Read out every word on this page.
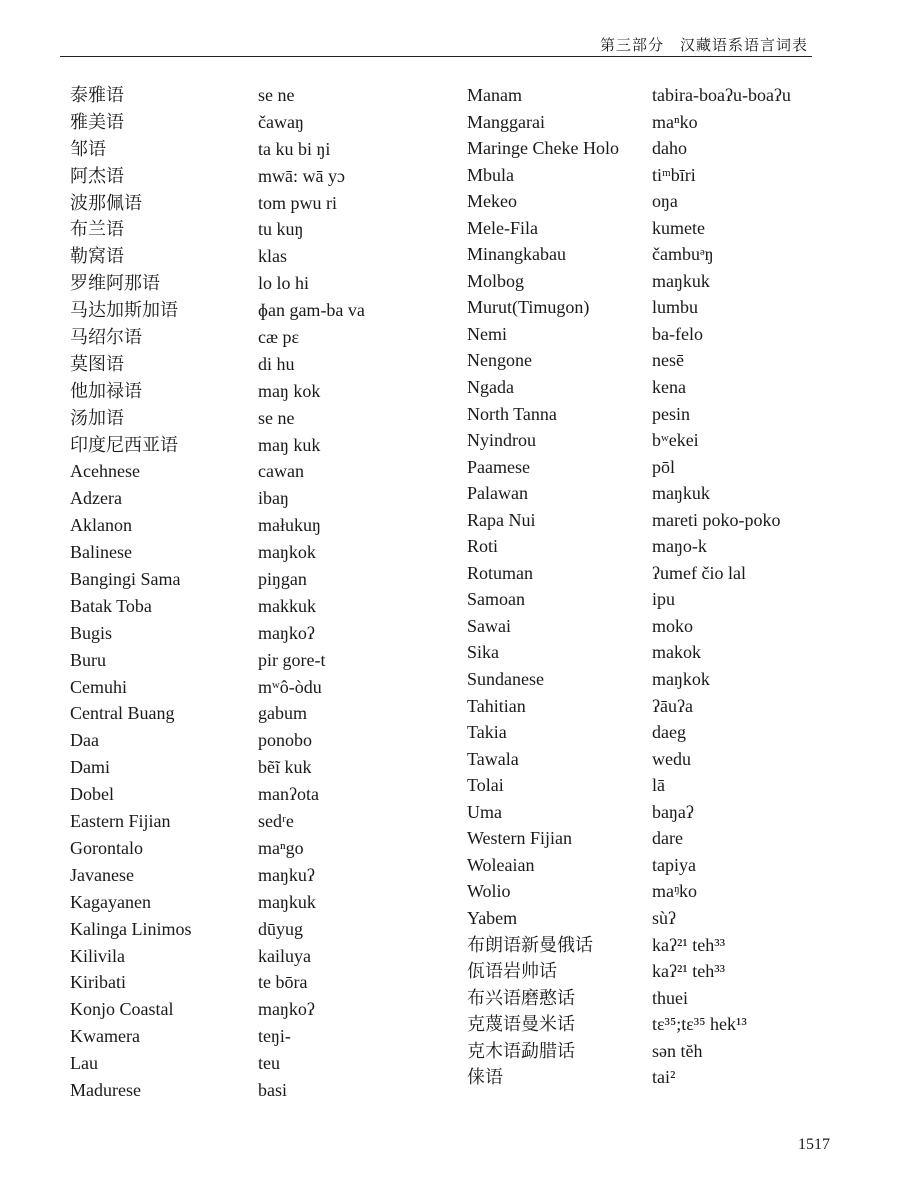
第三部分　汉藏语系语言词表
泰雅语
雅美语
邹语
阿杰语
波那佩语
布兰语
勒窝语
罗维阿那语
马达加斯加语
马绍尔语
莫图语
他加禄语
汤加语
印度尼西亚语
Acehnese
Adzera
Aklanon
Balinese
Bangingi Sama
Batak Toba
Bugis
Buru
Cemuhi
Central Buang
Daa
Dami
Dobel
Eastern Fijian
Gorontalo
Javanese
Kagayanen
Kalinga Linimos
Kilivila
Kiribati
Konjo Coastal
Kwamera
Lau
Madurese
se ne
čawaŋ
ta ku bi ŋi
mwā: wā yɔ
tom pwu ri
tu kuŋ
klas
lo lo hi
ɸan gam-ba va
cæ pɛ
di hu
maŋ kok
se ne
maŋ kuk
cawan
ibaŋ
małukuŋ
maŋkok
piŋgan
makkuk
maŋkoʔ
pir gore-t
mʷô-òdu
gabum
ponobo
bẽĩ kuk
manʔota
sedʳe
maⁿgo
maŋkuʔ
maŋkuk
dūyug
kailuya
te bōra
maŋkoʔ
teŋi-
teu
basi
Manam
Manggarai
Maringe Cheke Holo
Mbula
Mekeo
Mele-Fila
Minangkabau
Molbog
Murut(Timugon)
Nemi
Nengone
Ngada
North Tanna
Nyindrou
Paamese
Palawan
Rapa Nui
Roti
Rotuman
Samoan
Sawai
Sika
Sundanese
Tahitian
Takia
Tawala
Tolai
Uma
Western Fijian
Woleaian
Wolio
Yabem
布朗语新曼俄话
佤语岩帅话
布兴语磨憨话
克蔑语曼米话
克木语勐腊话
俫语
tabira-boaʔu-boaʔu
maⁿko
daho
tiᵐbīri
oŋa
kumete
čambuᵊŋ
maŋkuk
lumbu
ba-felo
nesē
kena
pesin
bʷekei
pōl
maŋkuk
mareti poko-poko
maŋo-k
ʔumef čio lal
ipu
moko
makok
maŋkok
ʔāuʔa
daeg
wedu
lā
baŋaʔ
dare
tapiya
maᵑko
sùʔ
kaʔ²¹ teh³³
kaʔ²¹ teh³³
thuei
tɛ³⁵;tɛ³⁵ hek¹³
sən tĕh
tai²
1517
